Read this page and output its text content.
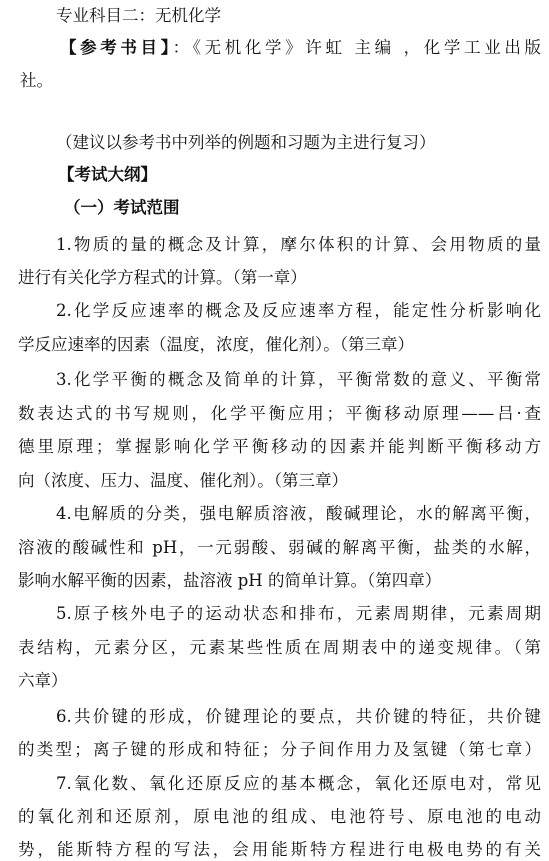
专业科目二：无机化学
【参考书目】：《无机化学》许虹 主编 ，化学工业出版
社。
（建议以参考书中列举的例题和习题为主进行复习）
【考试大纲】
（一）考试范围
1.物质的量的概念及计算，摩尔体积的计算、会用物质的量
进行有关化学方程式的计算。（第一章）
2.化学反应速率的概念及反应速率方程，能定性分析影响化
学反应速率的因素（温度，浓度，催化剂）。（第三章）
3.化学平衡的概念及简单的计算，平衡常数的意义、平衡常
数表达式的书写规则，化学平衡应用；平衡移动原理——吕·查
德里原理；掌握影响化学平衡移动的因素并能判断平衡移动方
向（浓度、压力、温度、催化剂）。（第三章）
4.电解质的分类，强电解质溶液，酸碱理论，水的解离平衡，
溶液的酸碱性和 pH，一元弱酸、弱碱的解离平衡，盐类的水解，
影响水解平衡的因素，盐溶液 pH 的简单计算。（第四章）
5.原子核外电子的运动状态和排布，元素周期律，元素周期
表结构，元素分区，元素某些性质在周期表中的递变规律。（第
六章）
6.共价键的形成，价键理论的要点，共价键的特征，共价键
的类型；离子键的形成和特征；分子间作用力及氢键（第七章）
7.氧化数、氧化还原反应的基本概念，氧化还原电对，常见
的氧化剂和还原剂，原电池的组成、电池符号、原电池的电动
势，能斯特方程的写法，会用能斯特方程进行电极电势的有关
